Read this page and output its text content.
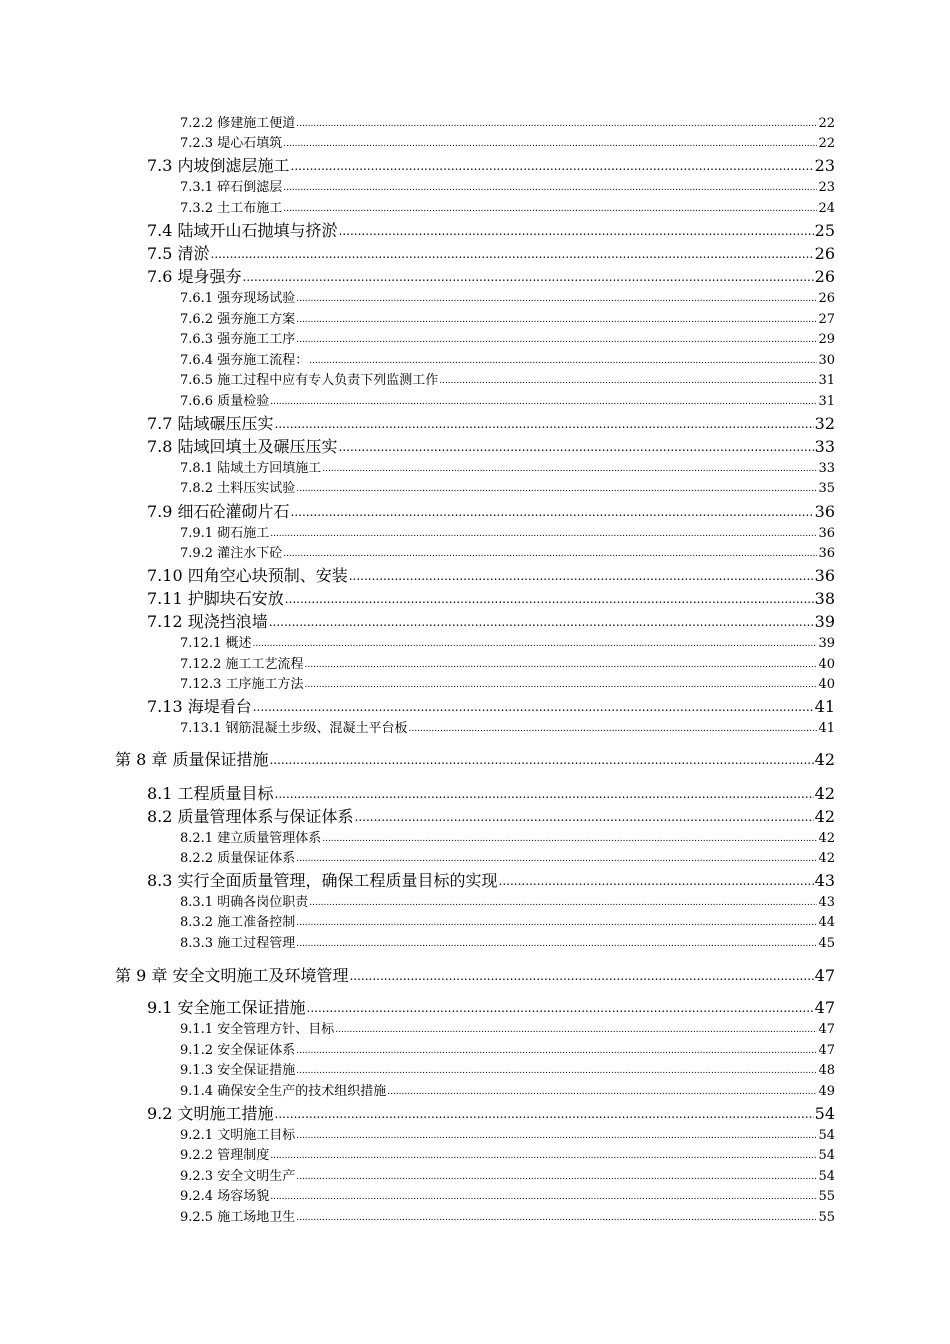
7.2.2 修建施工便道 .....	22
7.2.3 堤心石填筑 .....	22
7.3 内坡倒滤层施工 .....	23
7.3.1 碎石倒滤层 .....	23
7.3.2 土工布施工 .....	24
7.4 陆域开山石抛填与挤淤 .....	25
7.5 清淤 .....	26
7.6 堤身强夯 .....	26
7.6.1 强夯现场试验 .....	26
7.6.2 强夯施工方案 .....	27
7.6.3 强夯施工工序 .....	29
7.6.4 强夯施工流程： .....	30
7.6.5 施工过程中应有专人负责下列监测工作 .....	31
7.6.6 质量检验 .....	31
7.7 陆域碾压压实 .....	32
7.8 陆域回填土及碾压压实 .....	33
7.8.1 陆域土方回填施工 .....	33
7.8.2 土料压实试验 .....	35
7.9 细石砼灌砌片石 .....	36
7.9.1 砌石施工 .....	36
7.9.2 灌注水下砼 .....	36
7.10 四角空心块预制、安装 .....	36
7.11 护脚块石安放 .....	38
7.12 现浇挡浪墙 .....	39
7.12.1 概述 .....	39
7.12.2 施工工艺流程 .....	40
7.12.3 工序施工方法 .....	40
7.13 海堤看台 .....	41
7.13.1 钢筋混凝土步级、混凝土平台板 .....	41
第 8 章 质量保证措施 .....	42
8.1 工程质量目标 .....	42
8.2 质量管理体系与保证体系 .....	42
8.2.1 建立质量管理体系 .....	42
8.2.2 质量保证体系 .....	42
8.3 实行全面质量管理，确保工程质量目标的实现 .....	43
8.3.1 明确各岗位职责 .....	43
8.3.2 施工准备控制 .....	44
8.3.3 施工过程管理 .....	45
第 9 章 安全文明施工及环境管理 .....	47
9.1 安全施工保证措施 .....	47
9.1.1 安全管理方针、目标 .....	47
9.1.2 安全保证体系 .....	47
9.1.3 安全保证措施 .....	48
9.1.4 确保安全生产的技术组织措施 .....	49
9.2 文明施工措施 .....	54
9.2.1 文明施工目标 .....	54
9.2.2 管理制度 .....	54
9.2.3 安全文明生产 .....	54
9.2.4 场容场貌 .....	55
9.2.5 施工场地卫生 .....	55
